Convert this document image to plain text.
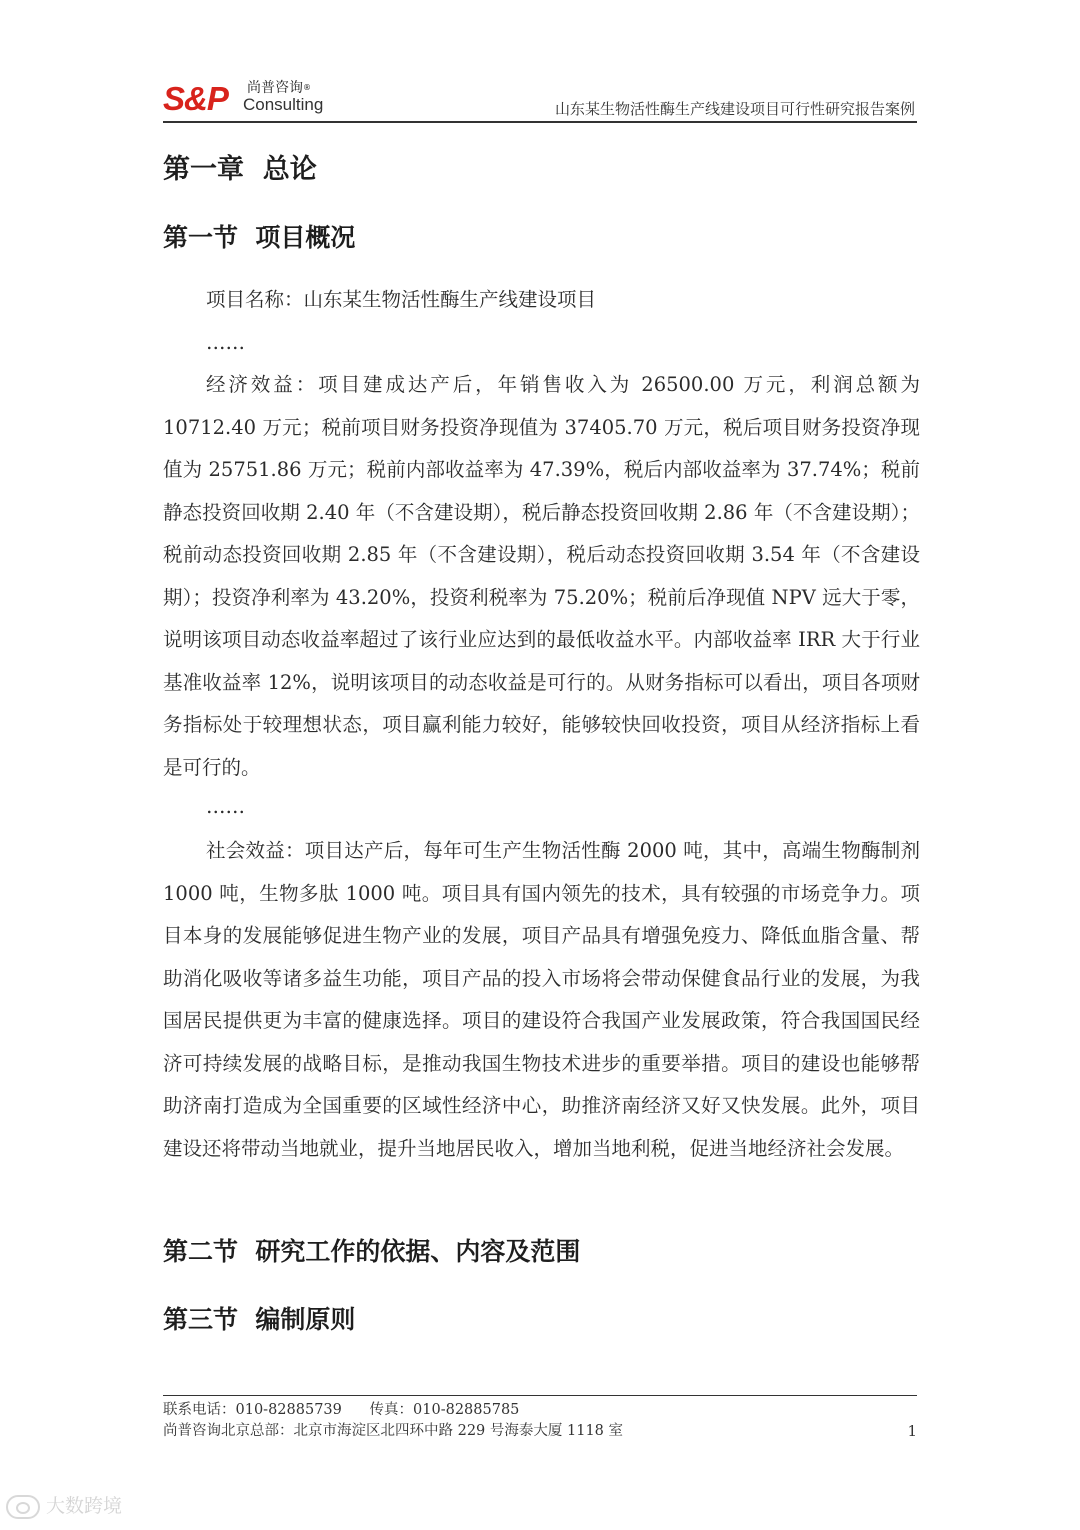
S&P 尚普咨询®
Consulting	山东某生物活性酶生产线建设项目可行性研究报告案例
第一章  总论
第一节  项目概况

项目名称：山东某生物活性酶生产线建设项目

……

经济效益：项目建成达产后，年销售收入为 26500.00 万元，利润总额为 10712.40 万元；税前项目财务投资净现值为 37405.70 万元，税后项目财务投资净现值为 25751.86 万元；税前内部收益率为 47.39%，税后内部收益率为 37.74%；税前静态投资回收期 2.40 年（不含建设期），税后静态投资回收期 2.86 年（不含建设期）；税前动态投资回收期 2.85 年（不含建设期），税后动态投资回收期 3.54 年（不含建设期）；投资净利率为 43.20%，投资利税率为 75.20%；税前后净现值 NPV 远大于零，说明该项目动态收益率超过了该行业应达到的最低收益水平。内部收益率 IRR 大于行业基准收益率 12%，说明该项目的动态收益是可行的。从财务指标可以看出，项目各项财务指标处于较理想状态，项目赢利能力较好，能够较快回收投资，项目从经济指标上看是可行的。

……

社会效益：项目达产后，每年可生产生物活性酶 2000 吨，其中，高端生物酶制剂 1000 吨，生物多肽 1000 吨。项目具有国内领先的技术，具有较强的市场竞争力。项目本身的发展能够促进生物产业的发展，项目产品具有增强免疫力、降低血脂含量、帮助消化吸收等诸多益生功能，项目产品的投入市场将会带动保健食品行业的发展，为我国居民提供更为丰富的健康选择。项目的建设符合我国产业发展政策，符合我国国民经济可持续发展的战略目标，是推动我国生物技术进步的重要举措。项目的建设也能够帮助济南打造成为全国重要的区域性经济中心，助推济南经济又好又快发展。此外，项目建设还将带动当地就业，提升当地居民收入，增加当地利税，促进当地经济社会发展。

第二节  研究工作的依据、内容及范围
第三节  编制原则
联系电话：010-82885739      传真：010-82885785
尚普咨询北京总部：北京市海淀区北四环中路 229 号海泰大厦 1118 室	1
大数跨境
